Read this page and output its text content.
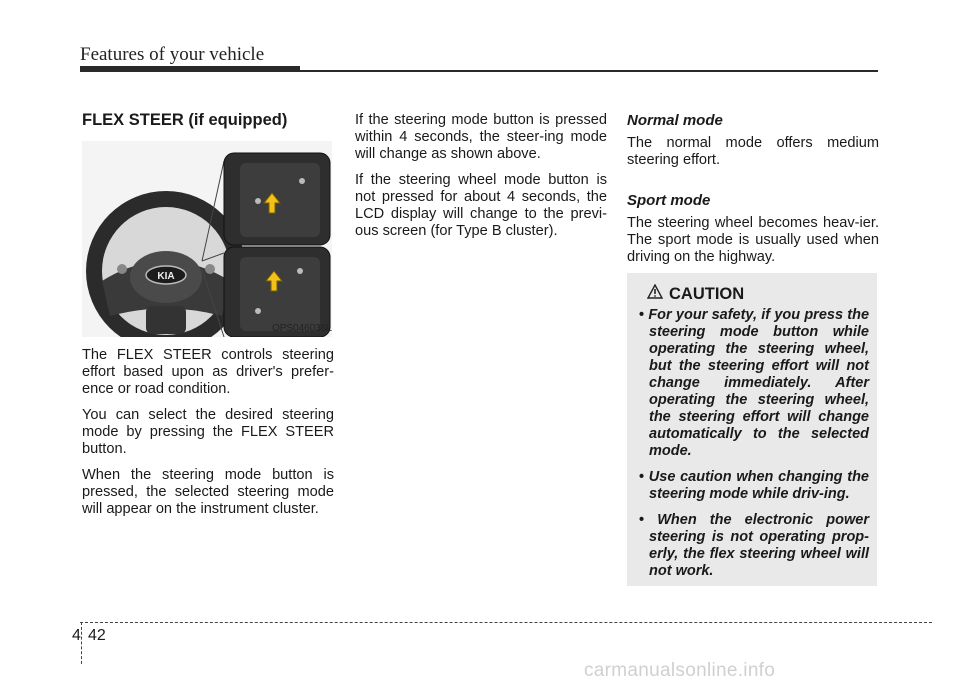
Features of your vehicle
FLEX STEER (if equipped)
KIA
OPS046036L

The FLEX STEER controls steering effort based upon as driver's prefer-ence or road condition.

You can select the desired steering mode by pressing the FLEX STEER button.

When the steering mode button is pressed, the selected steering mode will appear on the instrument cluster.

If the steering mode button is pressed within 4 seconds, the steer-ing mode will change as shown above.

If the steering wheel mode button is not pressed for about 4 seconds, the LCD display will change to the previ-ous screen (for Type B cluster).

Normal mode

The normal mode offers medium steering effort.

Sport mode

The steering wheel becomes heav-ier. The sport mode is usually used when driving on the highway.

CAUTION
• For your safety, if you press the steering mode button while operating the steering wheel, but the steering effort will not change immediately. After operating the steering wheel, the steering effort will change automatically to the selected mode.
• Use caution when changing the steering mode while driv-ing.
• When the electronic power steering is not operating prop-erly, the flex steering wheel will not work.
4 42
carmanualsonline.info
